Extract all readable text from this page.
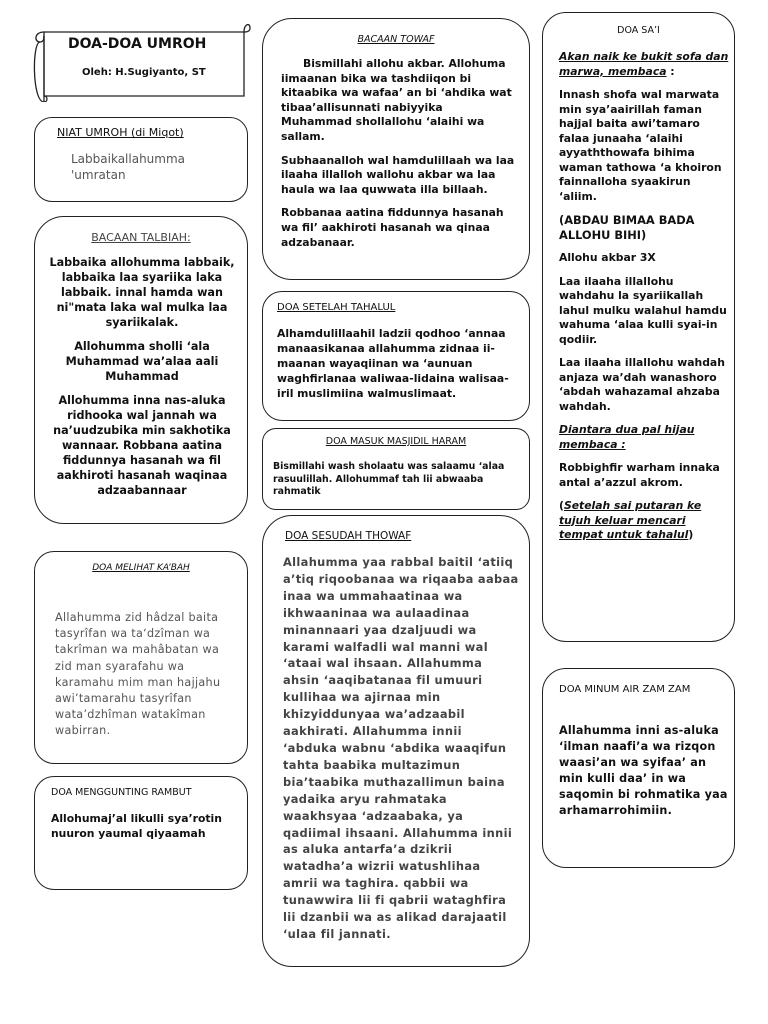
DOA-DOA UMROH
Oleh: H.Sugiyanto, ST
NIAT UMROH (di Miqot)
Labbaikallahumma 'umratan
BACAAN TALBIAH:

Labbaika allohumma labbaik, labbaika laa syariika laka labbaik. innal hamda wan ni"mata laka wal mulka laa syariikalak.

Allohumma sholli ‘ala Muhammad wa’alaa aali Muhammad

Allohumma inna nas-aluka ridhooka wal jannah wa na’uudzubika min sakhotika wannaar. Robbana aatina fiddunnya hasanah wa fil aakhiroti hasanah waqinaa adzaabannaar

DOA MELIHAT KA’BAH
Allahumma zid hâdzal baita tasyrîfan wa ta‘dzîman wa takrîman wa mahâbatan wa zid man syarafahu wa karamahu mim man hajjahu awi’tamarahu tasyrîfan wata’dzhîman watakîman wabirran.
DOA MENGGUNTING RAMBUT
Allohumaj’al likulli sya’rotin nuuron yaumal qiyaamah
BACAAN TOWAF

Bismillahi allohu akbar. Allohuma iimaanan bika wa tashdiiqon bi kitaabika wa wafaa’ an bi ‘ahdika wat tibaa’allisunnati nabiyyika Muhammad shollallohu ‘alaihi wa sallam.

Subhaanalloh wal hamdulillaah wa laa ilaaha illalloh wallohu akbar wa laa haula wa laa quwwata illa billaah.

Robbanaa aatina fiddunnya hasanah wa fil’ aakhiroti hasanah wa qinaa adzabanaar.

DOA SETELAH TAHALUL
Alhamdulillaahil ladzii qodhoo ‘annaa manaasikanaa allahumma zidnaa ii-maanan wayaqiinan wa ‘aunuan waghfirlanaa waliwaa-lidaina walisaa-iril muslimiina walmuslimaat.
DOA MASUK MASJIDIL HARAM
Bismillahi wash sholaatu was salaamu ‘alaa rasuulillah. Allohummaf tah lii abwaaba rahmatik
DOA SESUDAH THOWAF
Allahumma yaa rabbal baitil ‘atiiq a’tiq riqoobanaa wa riqaaba aabaa inaa wa ummahaatinaa wa ikhwaaninaa wa aulaadinaa minannaari yaa dzaljuudi wa karami walfadli wal manni wal ‘ataai wal ihsaan. Allahumma ahsin ‘aaqibatanaa fil umuuri kullihaa wa ajirnaa min khizyiddunyaa wa’adzaabil aakhirati. Allahumma innii ‘abduka wabnu ‘abdika waaqifun tahta baabika multazimun bia’taabika muthazallimun baina yadaika aryu rahmataka waakhsyaa ‘adzaabaka, ya qadiimal ihsaani. Allahumma innii as aluka antarfa’a dzikrii watadha’a wizrii watushlihaa amrii wa taghira. qabbii wa tunawwira lii fi qabrii wataghfira lii dzanbii wa as alikad darajaatil ‘ulaa fil jannati.
DOA SA’I

Akan naik ke bukit sofa dan marwa, membaca :

Innash shofa wal marwata min sya’aairillah faman hajjal baita awi’tamaro falaa junaaha ‘alaihi ayyaththowafa bihima waman tathowa ‘a khoiron fainnalloha syaakirun ‘aliim.

(ABDAU BIMAA BADA ALLOHU BIHI)

Allohu akbar 3X

Laa ilaaha illallohu wahdahu la syariikallah lahul mulku walahul hamdu wahuma ‘alaa kulli syai-in qodiir.

Laa ilaaha illallohu wahdah anjaza wa’dah wanashoro ‘abdah wahazamal ahzaba wahdah.

Diantara dua pal hijau membaca :

Robbighfir warham innaka antal a’azzul akrom.

(Setelah sai putaran ke tujuh keluar mencari tempat untuk tahalul)

DOA MINUM AIR ZAM ZAM
Allahumma inni as-aluka ‘ilman naafi’a wa rizqon waasi’an wa syifaa’ an min kulli daa’ in wa saqomin bi rohmatika yaa arhamarrohimiin.
